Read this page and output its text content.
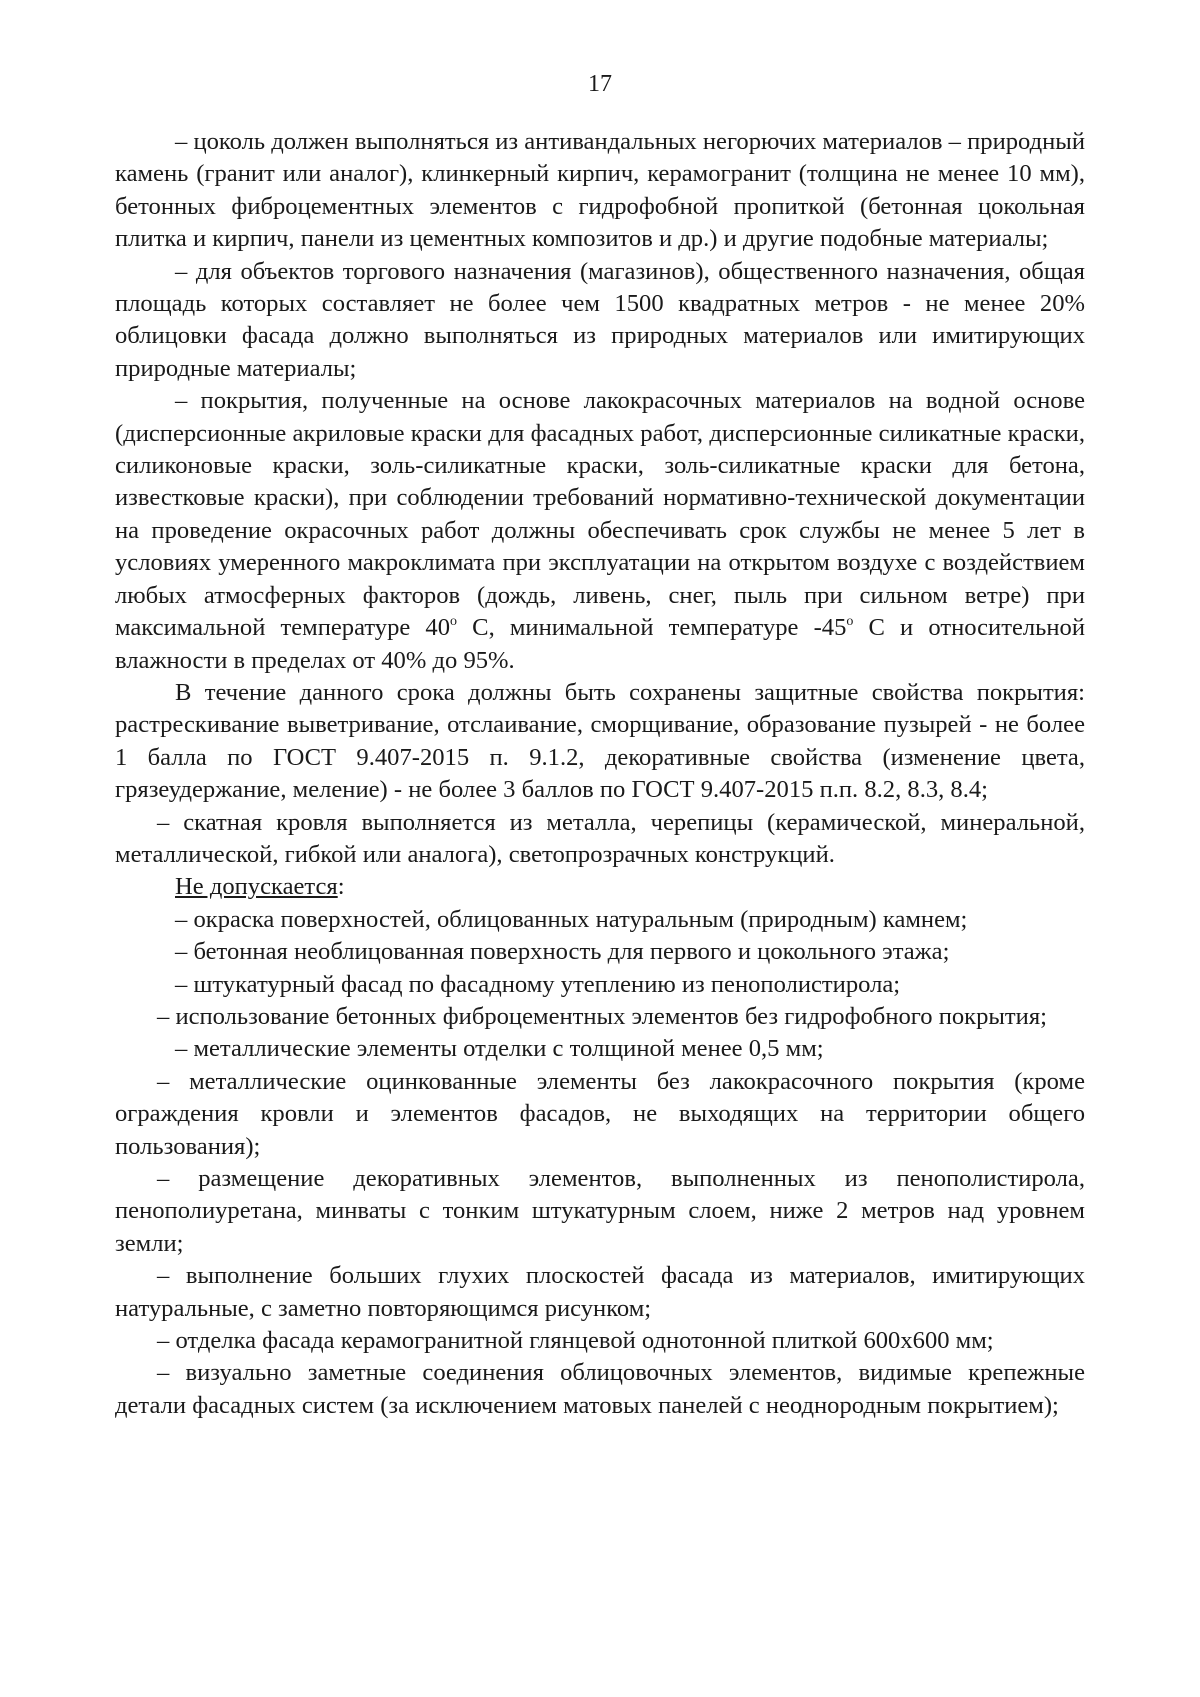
17

– цоколь должен выполняться из антивандальных негорючих материалов – природный камень (гранит или аналог), клинкерный кирпич, керамогранит (толщина не менее 10 мм), бетонных фиброцементных элементов с гидрофобной пропиткой (бетонная цокольная плитка и кирпич, панели из цементных композитов и др.) и другие подобные материалы;

– для объектов торгового назначения (магазинов), общественного назначения, общая площадь которых составляет не более чем 1500 квадратных метров - не менее 20% облицовки фасада должно выполняться из природных материалов или имитирующих природные материалы;

– покрытия, полученные на основе лакокрасочных материалов на водной основе (дисперсионные акриловые краски для фасадных работ, дисперсионные силикатные краски, силиконовые краски, золь-силикатные краски, золь-силикатные краски для бетона, известковые краски), при соблюдении требований нормативно-технической документации на проведение окрасочных работ должны обеспечивать срок службы не менее 5 лет в условиях умеренного макроклимата при эксплуатации на открытом воздухе с воздействием любых атмосферных факторов (дождь, ливень, снег, пыль при сильном ветре) при максимальной температуре 40$^o$ С, минимальной температуре -45$^o$ С и относительной влажности в пределах от 40% до 95%.

В течение данного срока должны быть сохранены защитные свойства покрытия: растрескивание выветривание, отслаивание, сморщивание, образование пузырей - не более 1 балла по ГОСТ 9.407-2015 п. 9.1.2, декоративные свойства (изменение цвета, грязеудержание, меление) - не более 3 баллов по ГОСТ 9.407-2015 п.п. 8.2, 8.3, 8.4;

– скатная кровля выполняется из металла, черепицы (керамической, минеральной, металлической, гибкой или аналога), светопрозрачных конструкций.

Не допускается:

– окраска поверхностей, облицованных натуральным (природным) камнем;

– бетонная необлицованная поверхность для первого и цокольного этажа;

– штукатурный фасад по фасадному утеплению из пенополистирола;

– использование бетонных фиброцементных элементов без гидрофобного покрытия;

– металлические элементы отделки с толщиной менее 0,5 мм;

– металлические оцинкованные элементы без лакокрасочного покрытия (кроме ограждения кровли и элементов фасадов, не выходящих на территории общего пользования);

– размещение декоративных элементов, выполненных из пенополистирола, пенополиуретана, минваты с тонким штукатурным слоем, ниже 2 метров над уровнем земли;

– выполнение больших глухих плоскостей фасада из материалов, имитирующих натуральные, с заметно повторяющимся рисунком;

– отделка фасада керамогранитной глянцевой однотонной плиткой 600х600 мм;

– визуально заметные соединения облицовочных элементов, видимые крепежные детали фасадных систем (за исключением матовых панелей с неоднородным покрытием);
